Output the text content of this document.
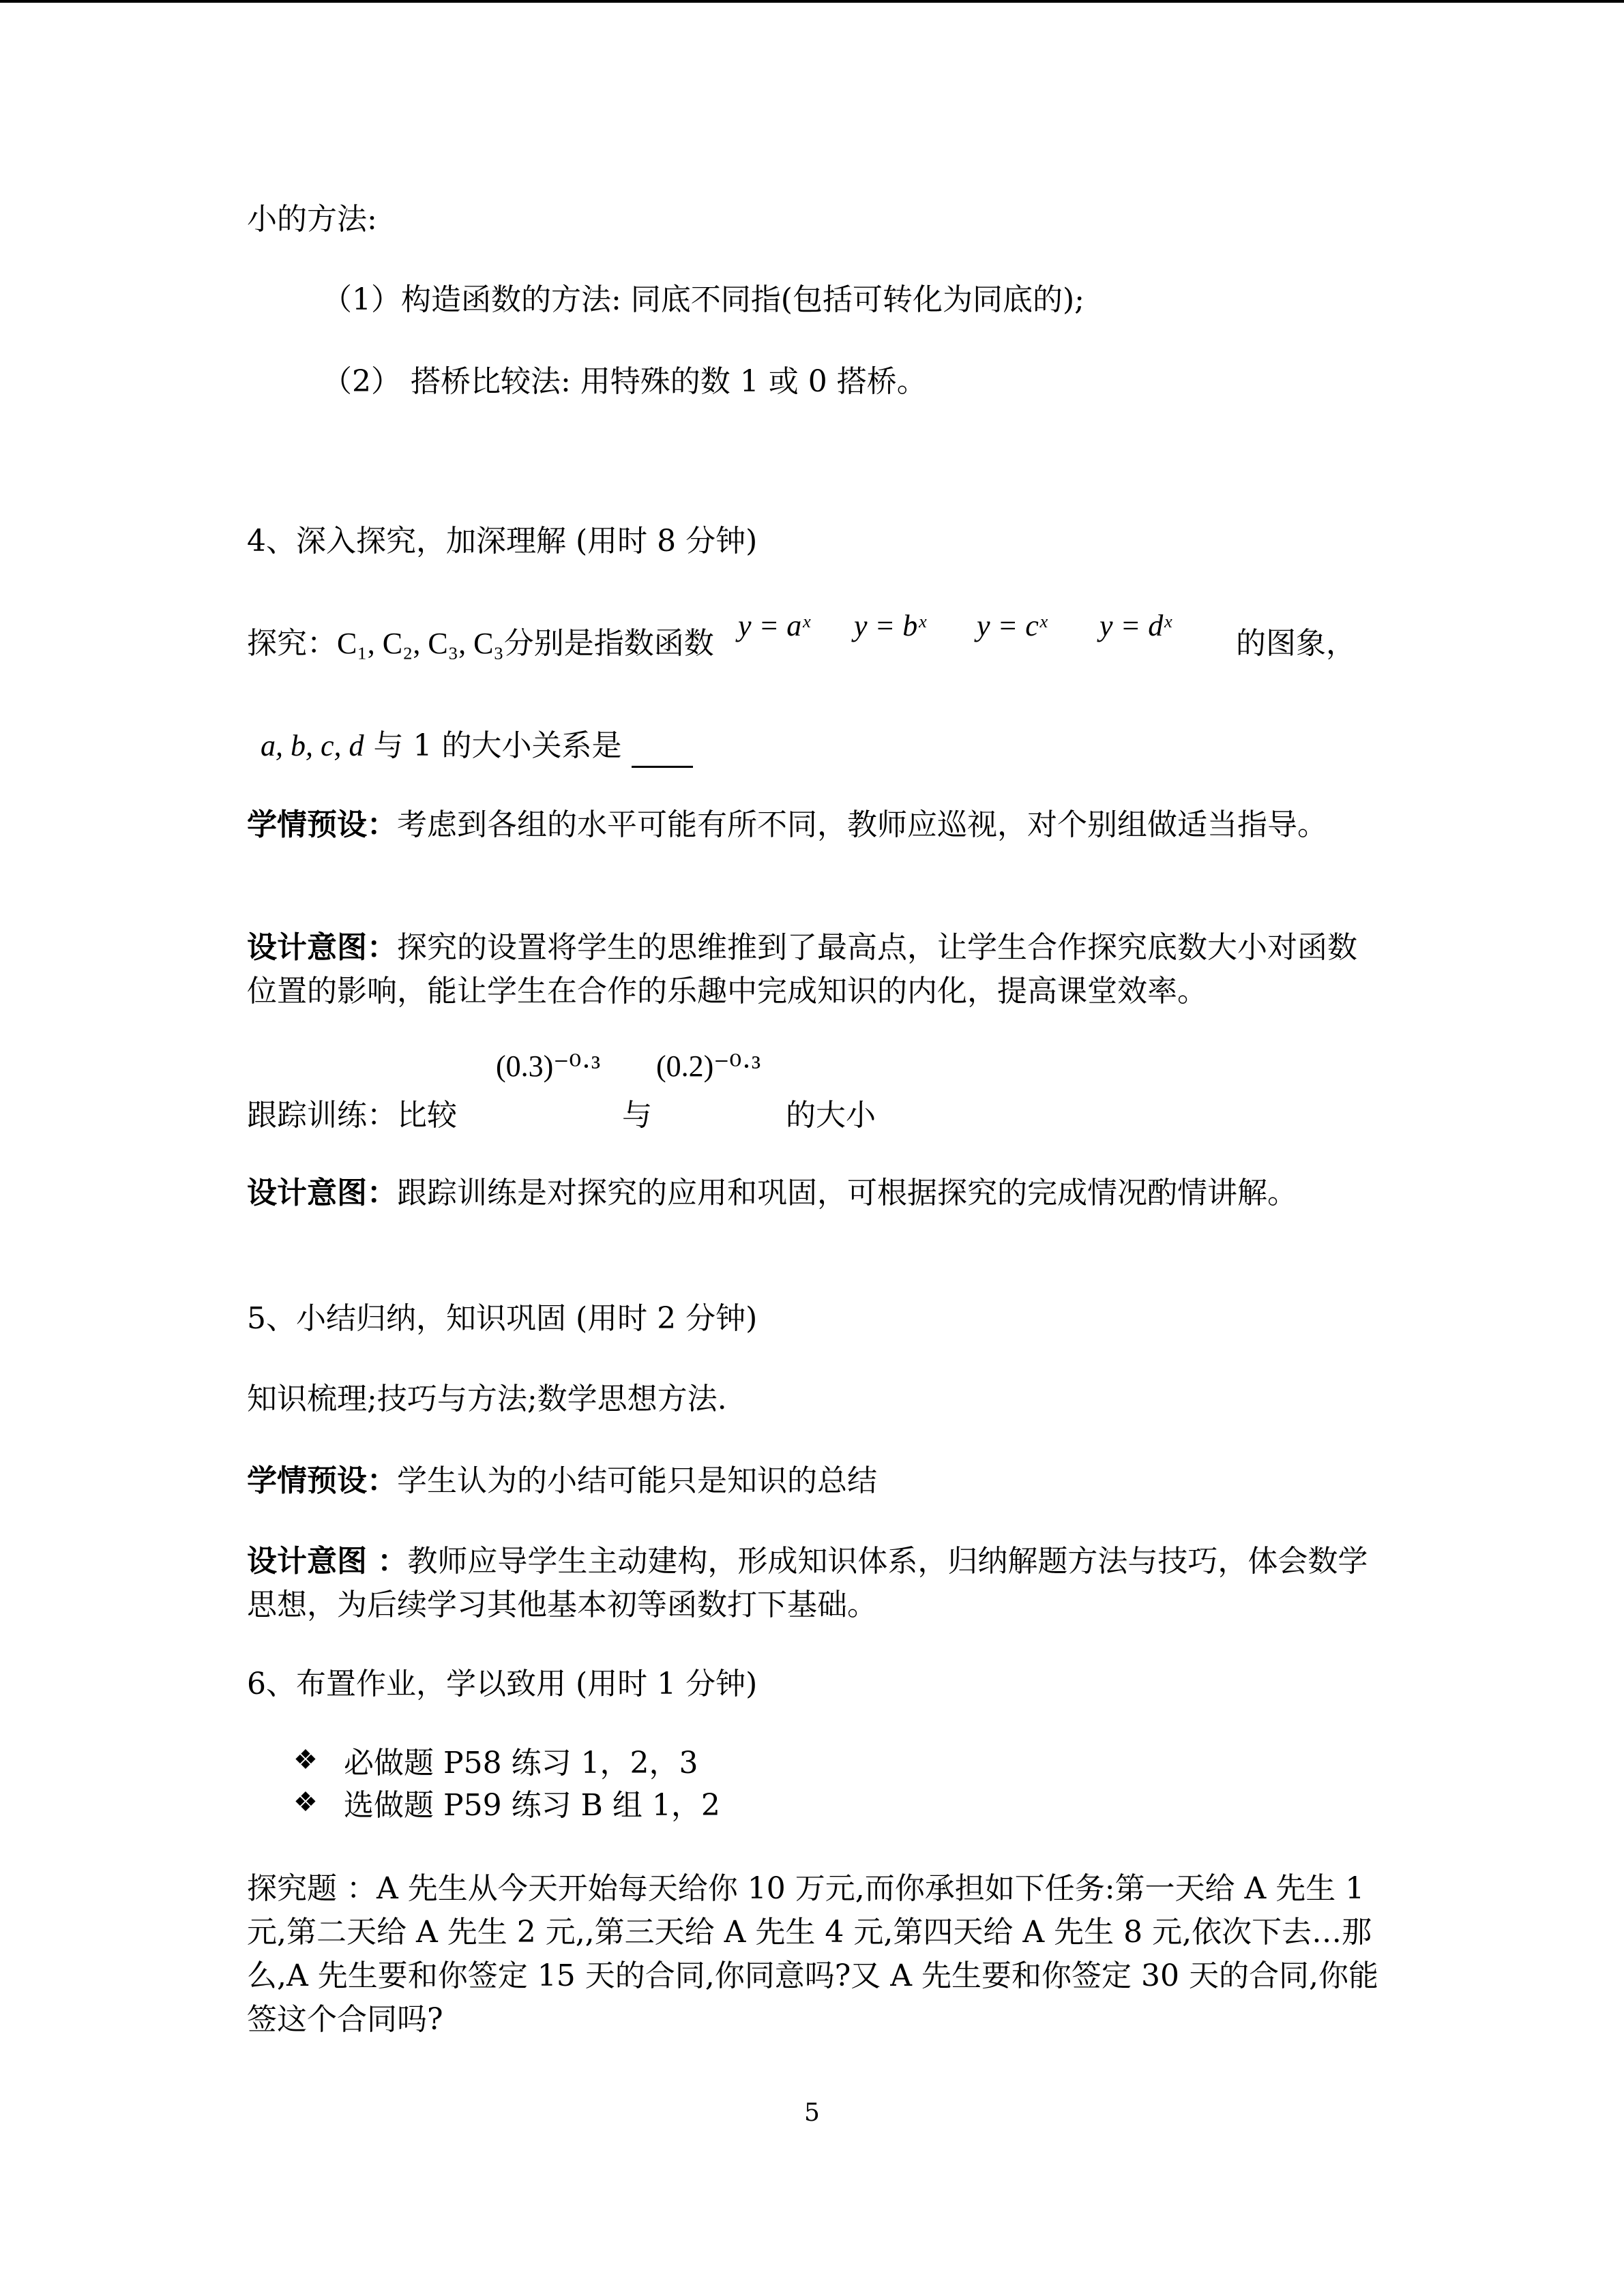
小的方法:

（1）构造函数的方法: 同底不同指(包括可转化为同底的);

（2） 搭桥比较法: 用特殊的数 1 或 0 搭桥。

4、深入探究，加深理解 (用时 8 分钟)

探究：C₁, C₂, C₃, C₃分别是指数函数

y = aˣ y = bˣ y = cˣ y = dˣ
的图象，

a, b, c, d 与 1 的大小关系是

学情预设：考虑到各组的水平可能有所不同，教师应巡视，对个别组做适当指导。

设计意图：探究的设置将学生的思维推到了最高点，让学生合作探究底数大小对函数位置的影响，能让学生在合作的乐趣中完成知识的内化，提高课堂效率。

(0.3)⁻⁰·³ (0.2)⁻⁰·³

跟踪训练：比较	与	的大小

设计意图：跟踪训练是对探究的应用和巩固，可根据探究的完成情况酌情讲解。

5、小结归纳，知识巩固 (用时 2 分钟)

知识梳理;技巧与方法;数学思想方法.

学情预设：学生认为的小结可能只是知识的总结

设计意图 ：教师应导学生主动建构，形成知识体系，归纳解题方法与技巧，体会数学思想，为后续学习其他基本初等函数打下基础。

6、布置作业，学以致用 (用时 1 分钟)

❖ 必做题 P58 练习 1，2，3

❖ 选做题 P59 练习 B 组 1，2

探究题 ：A 先生从今天开始每天给你 10 万元,而你承担如下任务:第一天给 A 先生 1 元,第二天给 A 先生 2 元,,第三天给 A 先生 4 元,第四天给 A 先生 8 元,依次下去…那么,A 先生要和你签定 15 天的合同,你同意吗?又 A 先生要和你签定 30 天的合同,你能签这个合同吗?

5
